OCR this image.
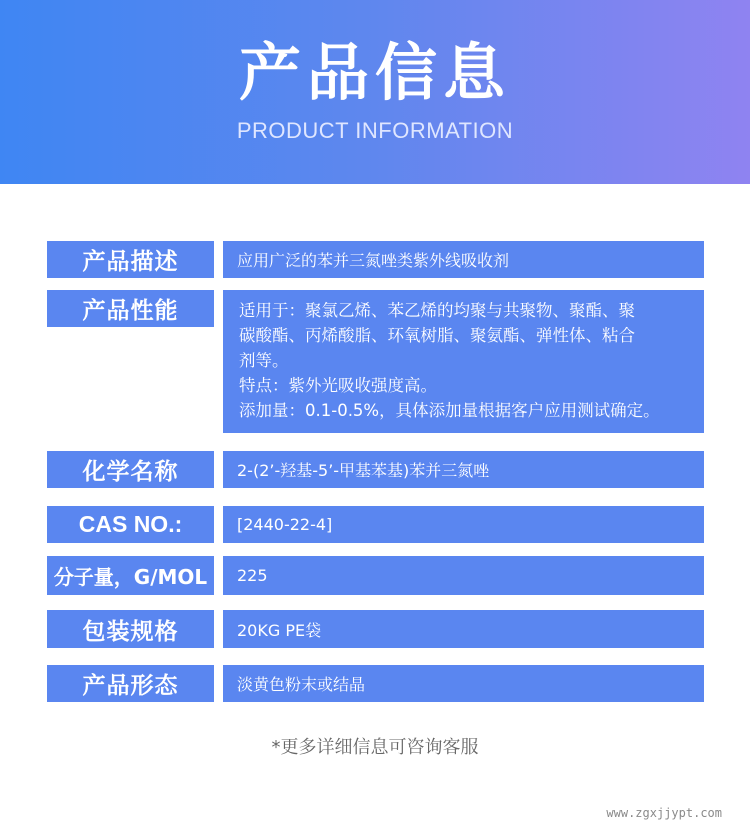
产品信息
PRODUCT INFORMATION
产品描述	应用广泛的苯并三氮唑类紫外线吸收剂
产品性能	适用于：聚氯乙烯、苯乙烯的均聚与共聚物、聚酯、聚
碳酸酯、丙烯酸脂、环氧树脂、聚氨酯、弹性体、粘合
剂等。
特点：紫外光吸收强度高。
添加量：0.1-0.5%，具体添加量根据客户应用测试确定。
化学名称	2-(2’-羟基-5’-甲基苯基)苯并三氮唑
CAS NO.:	[2440-22-4]
分子量，G/MOL	225
包装规格	20KG PE袋
产品形态	淡黄色粉末或结晶
*更多详细信息可咨询客服
www.zgxjjypt.com
